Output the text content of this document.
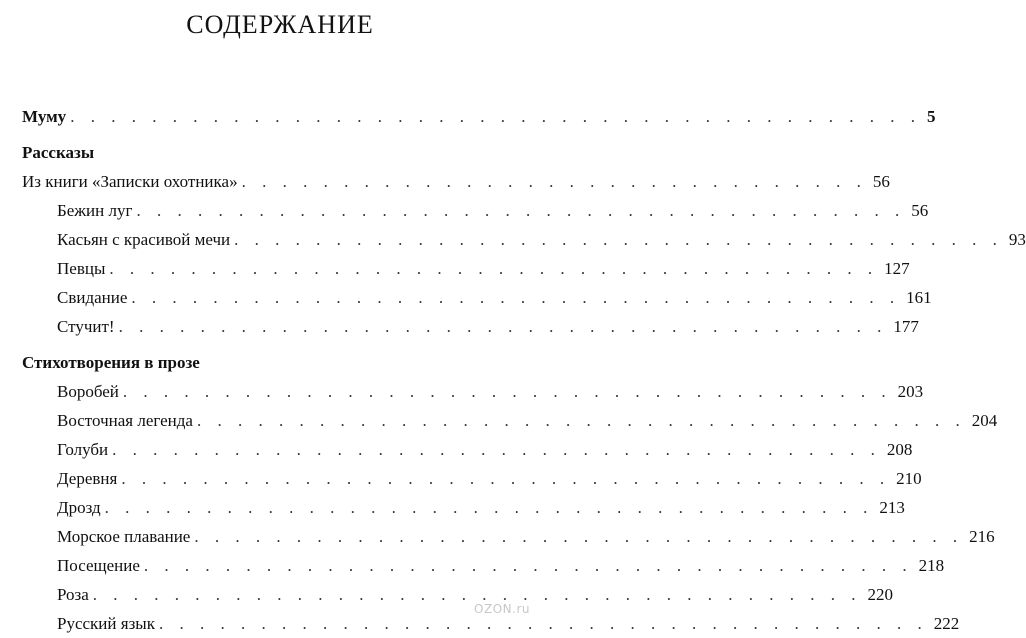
СОДЕРЖАНИЕ
Муму . . . . . . . . . . . . . . . . . . . . . . . . . . . . . . . . . . . . . . . . . . 5
Рассказы
Из книги «Записки охотника» . . . . . . . . . . . . . . . . . . . . . . . . . . . . . . . 56
Бежин луг . . . . . . . . . . . . . . . . . . . . . . . . . . . . . . . . . . . . . . 56
Касьян с красивой мечи . . . . . . . . . . . . . . . . . . . . . . . . . . . . . . . . . . . . . . 93
Певцы . . . . . . . . . . . . . . . . . . . . . . . . . . . . . . . . . . . . . . 127
Свидание . . . . . . . . . . . . . . . . . . . . . . . . . . . . . . . . . . . . . . 161
Стучит! . . . . . . . . . . . . . . . . . . . . . . . . . . . . . . . . . . . . . . 177
Стихотворения в прозе
Воробей . . . . . . . . . . . . . . . . . . . . . . . . . . . . . . . . . . . . . . 203
Восточная легенда . . . . . . . . . . . . . . . . . . . . . . . . . . . . . . . . . . . . . . 204
Голуби . . . . . . . . . . . . . . . . . . . . . . . . . . . . . . . . . . . . . . 208
Деревня . . . . . . . . . . . . . . . . . . . . . . . . . . . . . . . . . . . . . . 210
Дрозд . . . . . . . . . . . . . . . . . . . . . . . . . . . . . . . . . . . . . . 213
Морское плавание . . . . . . . . . . . . . . . . . . . . . . . . . . . . . . . . . . . . . . 216
Посещение . . . . . . . . . . . . . . . . . . . . . . . . . . . . . . . . . . . . . . 218
Роза . . . . . . . . . . . . . . . . . . . . . . . . . . . . . . . . . . . . . . 220
Русский язык . . . . . . . . . . . . . . . . . . . . . . . . . . . . . . . . . . . . . . 222
OZON.ru
